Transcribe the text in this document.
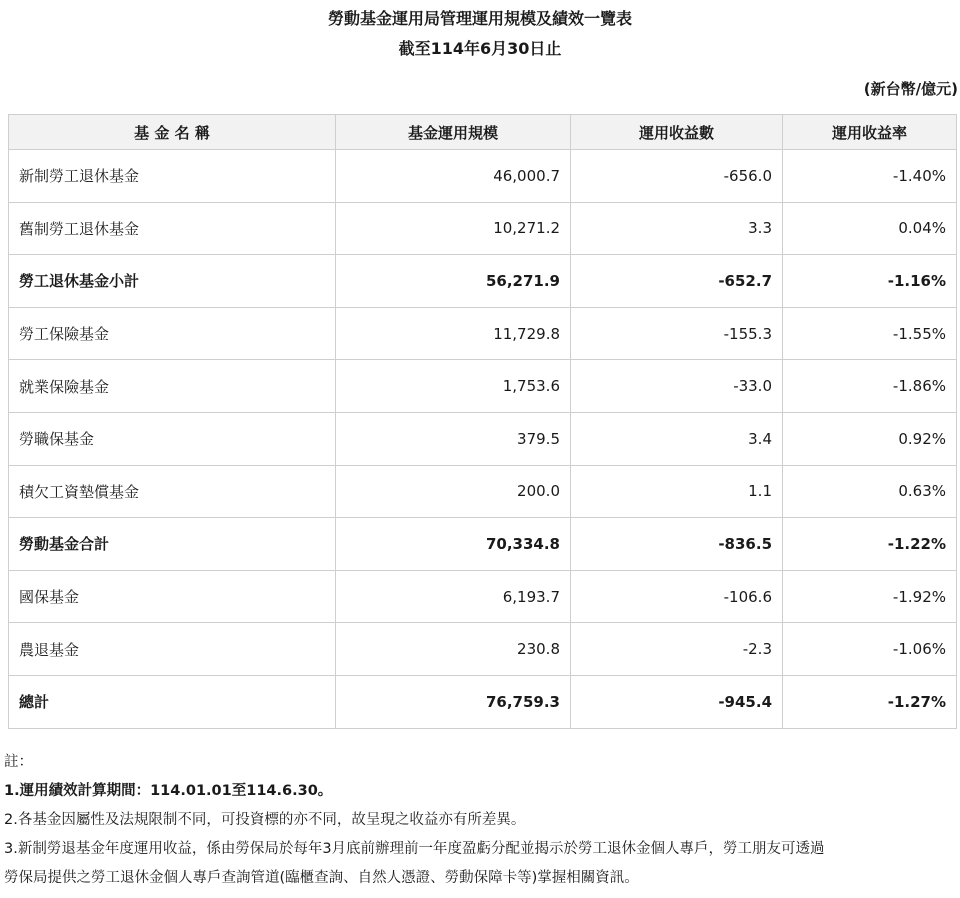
勞動基金運用局管理運用規模及績效一覽表
截至114年6月30日止
(新台幣/億元)
基 金 名 稱	基金運用規模	運用收益數	運用收益率
新制勞工退休基金	46,000.7	-656.0	-1.40%
舊制勞工退休基金	10,271.2	3.3	0.04%
勞工退休基金小計	56,271.9	-652.7	-1.16%
勞工保險基金	11,729.8	-155.3	-1.55%
就業保險基金	1,753.6	-33.0	-1.86%
勞職保基金	379.5	3.4	0.92%
積欠工資墊償基金	200.0	1.1	0.63%
勞動基金合計	70,334.8	-836.5	-1.22%
國保基金	6,193.7	-106.6	-1.92%
農退基金	230.8	-2.3	-1.06%
總計	76,759.3	-945.4	-1.27%
註：
1.運用績效計算期間：114.01.01至114.6.30。
2.各基金因屬性及法規限制不同，可投資標的亦不同，故呈現之收益亦有所差異。
3.新制勞退基金年度運用收益，係由勞保局於每年3月底前辦理前一年度盈虧分配並揭示於勞工退休金個人專戶，勞工朋友可透過
勞保局提供之勞工退休金個人專戶查詢管道(臨櫃查詢、自然人憑證、勞動保障卡等)掌握相關資訊。
